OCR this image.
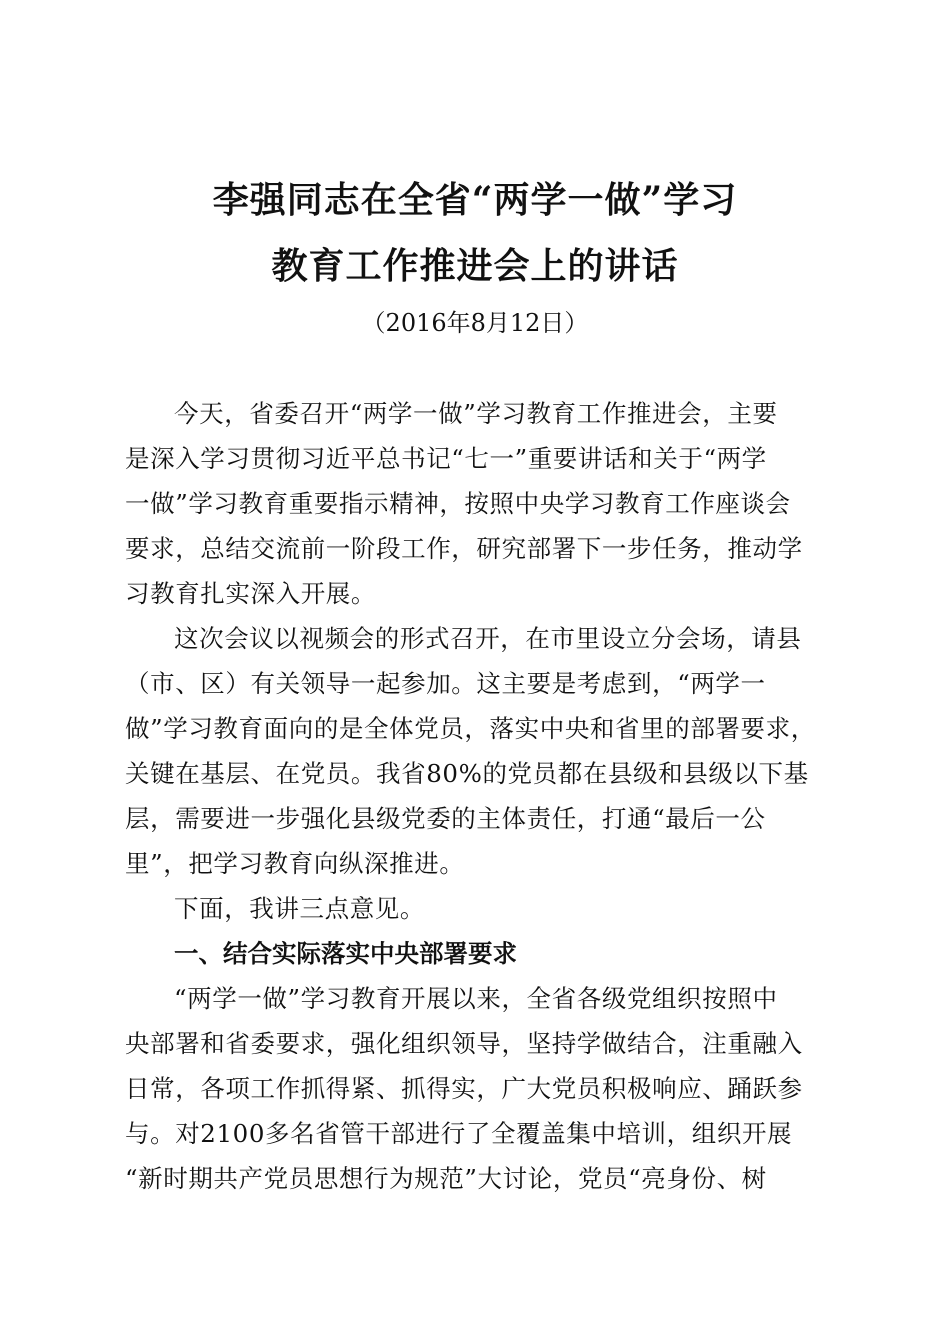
李强同志在全省“两学一做”学习
教育工作推进会上的讲话
（2016年8月12日）
今天，省委召开“两学一做”学习教育工作推进会，主要
是深入学习贯彻习近平总书记“七一”重要讲话和关于“两学
一做”学习教育重要指示精神，按照中央学习教育工作座谈会
要求，总结交流前一阶段工作，研究部署下一步任务，推动学
习教育扎实深入开展。
这次会议以视频会的形式召开，在市里设立分会场，请县
（市、区）有关领导一起参加。这主要是考虑到，“两学一
做”学习教育面向的是全体党员，落实中央和省里的部署要求，
关键在基层、在党员。我省80%的党员都在县级和县级以下基
层，需要进一步强化县级党委的主体责任，打通“最后一公
里”，把学习教育向纵深推进。
下面，我讲三点意见。
一、结合实际落实中央部署要求
“两学一做”学习教育开展以来，全省各级党组织按照中
央部署和省委要求，强化组织领导，坚持学做结合，注重融入
日常，各项工作抓得紧、抓得实，广大党员积极响应、踊跃参
与。对2100多名省管干部进行了全覆盖集中培训，组织开展
“新时期共产党员思想行为规范”大讨论，党员“亮身份、树
